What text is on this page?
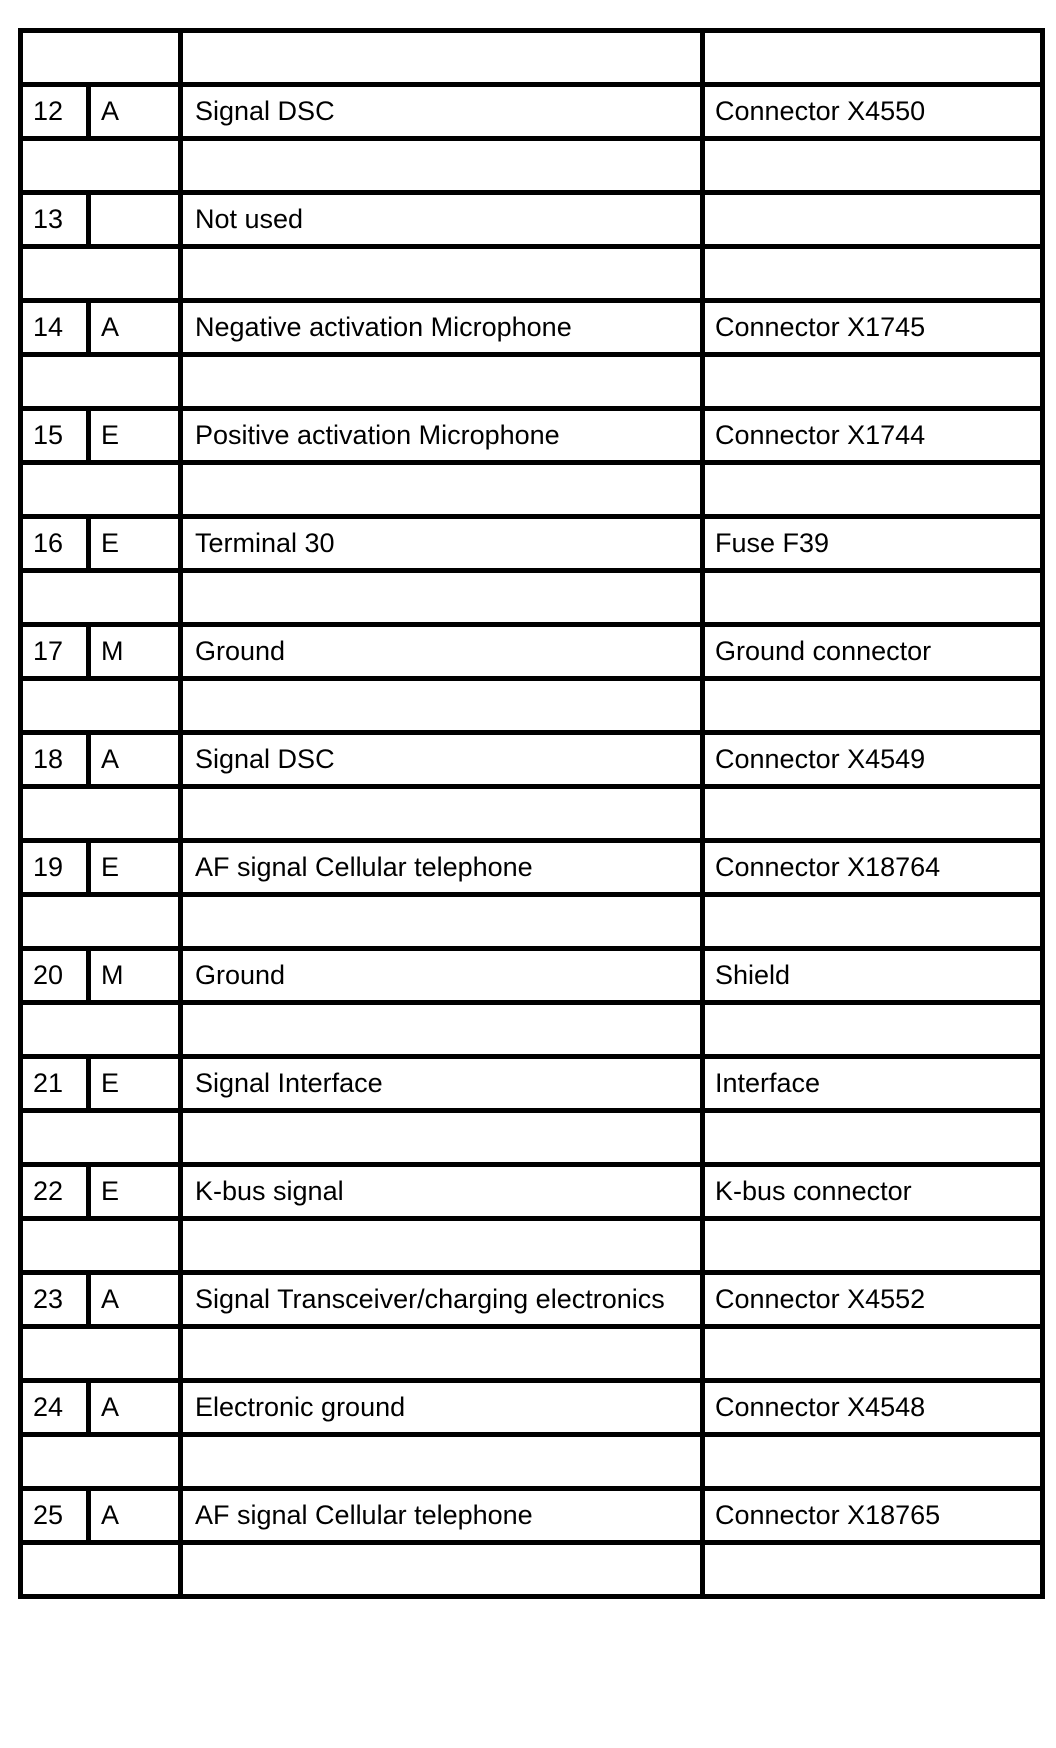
12	A	Signal DSC	Connector X4550

13		Not used	

14	A	Negative activation Microphone	Connector X1745

15	E	Positive activation Microphone	Connector X1744

16	E	Terminal 30	Fuse F39

17	M	Ground	Ground connector

18	A	Signal DSC	Connector X4549

19	E	AF signal Cellular telephone	Connector X18764

20	M	Ground	Shield

21	E	Signal Interface	Interface

22	E	K-bus signal	K-bus connector

23	A	Signal Transceiver/charging electronics	Connector X4552

24	A	Electronic ground	Connector X4548

25	A	AF signal Cellular telephone	Connector X18765
